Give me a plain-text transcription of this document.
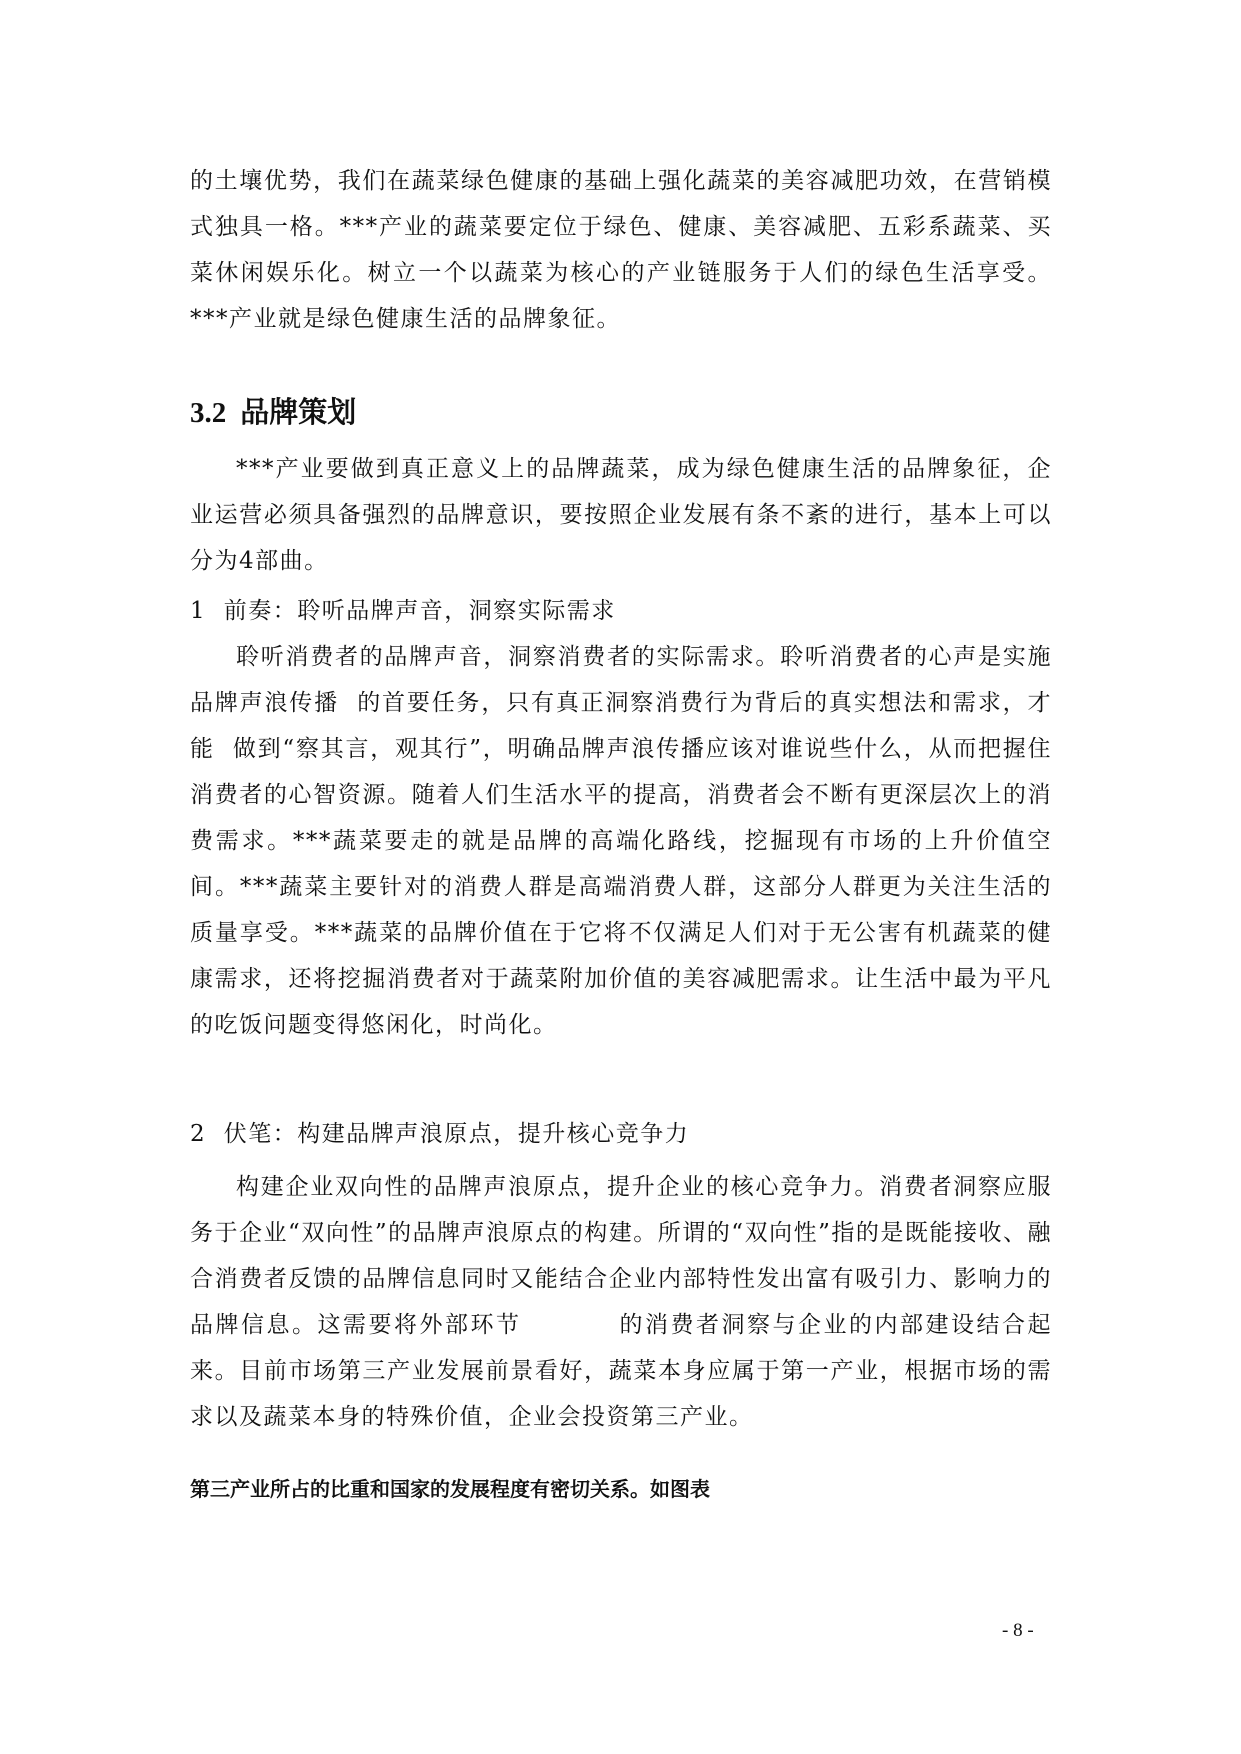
的土壤优势，我们在蔬菜绿色健康的基础上强化蔬菜的美容减肥功效，在营销模式独具一格。***产业的蔬菜要定位于绿色、健康、美容减肥、五彩系蔬菜、买菜休闲娱乐化。树立一个以蔬菜为核心的产业链服务于人们的绿色生活享受。***产业就是绿色健康生活的品牌象征。

3.2 品牌策划

***产业要做到真正意义上的品牌蔬菜，成为绿色健康生活的品牌象征，企业运营必须具备强烈的品牌意识，要按照企业发展有条不紊的进行，基本上可以分为4部曲。

1  前奏：聆听品牌声音，洞察实际需求

聆听消费者的品牌声音，洞察消费者的实际需求。聆听消费者的心声是实施品牌声浪传播  的首要任务，只有真正洞察消费行为背后的真实想法和需求，才能  做到“察其言，观其行”，明确品牌声浪传播应该对谁说些什么，从而把握住消费者的心智资源。随着人们生活水平的提高，消费者会不断有更深层次上的消费需求。***蔬菜要走的就是品牌的高端化路线，挖掘现有市场的上升价值空间。***蔬菜主要针对的消费人群是高端消费人群，这部分人群更为关注生活的质量享受。***蔬菜的品牌价值在于它将不仅满足人们对于无公害有机蔬菜的健康需求，还将挖掘消费者对于蔬菜附加价值的美容减肥需求。让生活中最为平凡的吃饭问题变得悠闲化，时尚化。

2  伏笔：构建品牌声浪原点，提升核心竞争力

构建企业双向性的品牌声浪原点，提升企业的核心竞争力。消费者洞察应服务于企业“双向性”的品牌声浪原点的构建。所谓的“双向性”指的是既能接收、融合消费者反馈的品牌信息同时又能结合企业内部特性发出富有吸引力、影响力的品牌信息。这需要将外部环节          的消费者洞察与企业的内部建设结合起来。目前市场第三产业发展前景看好，蔬菜本身应属于第一产业，根据市场的需求以及蔬菜本身的特殊价值，企业会投资第三产业。

第三产业所占的比重和国家的发展程度有密切关系。如图表

- 8 -
